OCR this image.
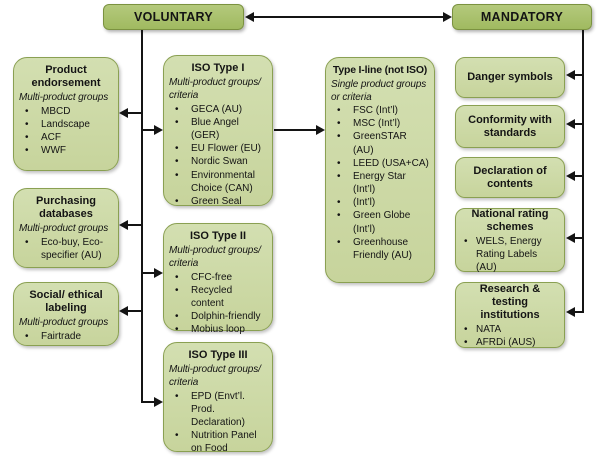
VOLUNTARY	MANDATORY
Product endorsement
Multi-product groups
• MBCD
• Landscape
• ACF
• WWF
Purchasing databases
Multi-product groups
• Eco-buy, Eco-specifier (AU)
Social/ ethical labeling
Multi-product groups
• Fairtrade
ISO Type I
Multi-product groups/ criteria
• GECA (AU)
• Blue Angel (GER)
• EU Flower (EU)
• Nordic Swan
• Environmental Choice (CAN)
• Green Seal
ISO Type II
Multi-product groups/ criteria
• CFC-free
• Recycled content
• Dolphin-friendly
• Mobius loop
ISO Type III
Multi-product groups/ criteria
• EPD (Envt’l. Prod. Declaration)
• Nutrition Panel on Food
Type I-line (not ISO)
Single product groups or criteria
• FSC (Int’l)
• MSC (Int’l)
• GreenSTAR (AU)
• LEED (USA+CA)
• Energy Star (Int’l)
• (Int’l)
• Green Globe (Int’l)
• Greenhouse Friendly (AU)
Danger symbols
Conformity with standards
Declaration of contents
National rating schemes
• WELS, Energy Rating Labels (AU)
Research & testing institutions
• NATA
• AFRDi (AUS)
